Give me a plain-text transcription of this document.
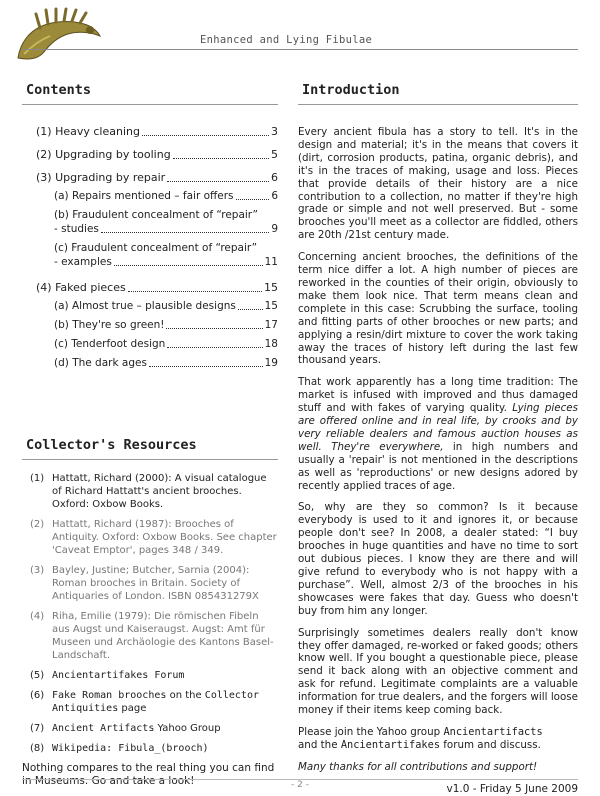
Enhanced and Lying Fibulae
Contents
(1) Heavy cleaning	3
(2) Upgrading by tooling	5
(3) Upgrading by repair	6
(a) Repairs mentioned – fair offers	6
(b) Fraudulent concealment of “repair”
- studies	9
(c) Fraudulent concealment of “repair”
- examples	11
(4) Faked pieces	15
(a) Almost true – plausible designs	15
(b) They're so green!	17
(c) Tenderfoot design	18
(d) The dark ages	19
Collector's Resources
(1) Hattatt, Richard (2000): A visual catalogue of Richard Hattatt's ancient brooches. Oxford: Oxbow Books.
(2) Hattatt, Richard (1987): Brooches of Antiquity. Oxford: Oxbow Books. See chapter 'Caveat Emptor', pages 348 / 349.
(3) Bayley, Justine; Butcher, Sarnia (2004): Roman brooches in Britain. Society of Antiquaries of London. ISBN 085431279X
(4) Riha, Emilie (1979): Die römischen Fibeln aus Augst und Kaiseraugst. Augst: Amt für Museen und Archäologie des Kantons Basel-Landschaft.
(5) Ancientartifakes Forum
(6) Fake Roman brooches on the Collector Antiquities page
(7) Ancient Artifacts Yahoo Group
(8) Wikipedia: Fibula_(brooch)

Nothing compares to the real thing you can find in Museums. Go and take a look!

Introduction

Every ancient fibula has a story to tell. It's in the design and material; it's in the means that covers it (dirt, corrosion products, patina, organic debris), and it's in the traces of making, usage and loss. Pieces that provide details of their history are a nice contribution to a collection, no matter if they're high grade or simple and not well preserved. But - some brooches you'll meet as a collector are fiddled, others are 20th /21st century made.

Concerning ancient brooches, the definitions of the term nice differ a lot. A high number of pieces are reworked in the counties of their origin, obviously to make them look nice. That term means clean and complete in this case: Scrubbing the surface, tooling and fitting parts of other brooches or new parts; and applying a resin/dirt mixture to cover the work taking away the traces of history left during the last few thousand years.

That work apparently has a long time tradition: The market is infused with improved and thus damaged stuff and with fakes of varying quality. Lying pieces are offered online and in real life, by crooks and by very reliable dealers and famous auction houses as well. They're everywhere, in high numbers and usually a 'repair' is not mentioned in the descriptions as well as 'reproductions' or new designs adored by recently applied traces of age.

So, why are they so common? Is it because everybody is used to it and ignores it, or because people don't see? In 2008, a dealer stated: “I buy brooches in huge quantities and have no time to sort out dubious pieces. I know they are there and will give refund to everybody who is not happy with a purchase”. Well, almost 2/3 of the brooches in his showcases were fakes that day. Guess who doesn't buy from him any longer.

Surprisingly sometimes dealers really don't know they offer damaged, re-worked or faked goods; others know well. If you bought a questionable piece, please send it back along with an objective comment and ask for refund. Legitimate complaints are a valuable information for true dealers, and the forgers will loose money if their items keep coming back.

Please join the Yahoo group Ancientartifacts
and the Ancientartifakes forum and discuss.

Many thanks for all contributions and support!

v1.0 - Friday 5 June 2009
- 2 -
